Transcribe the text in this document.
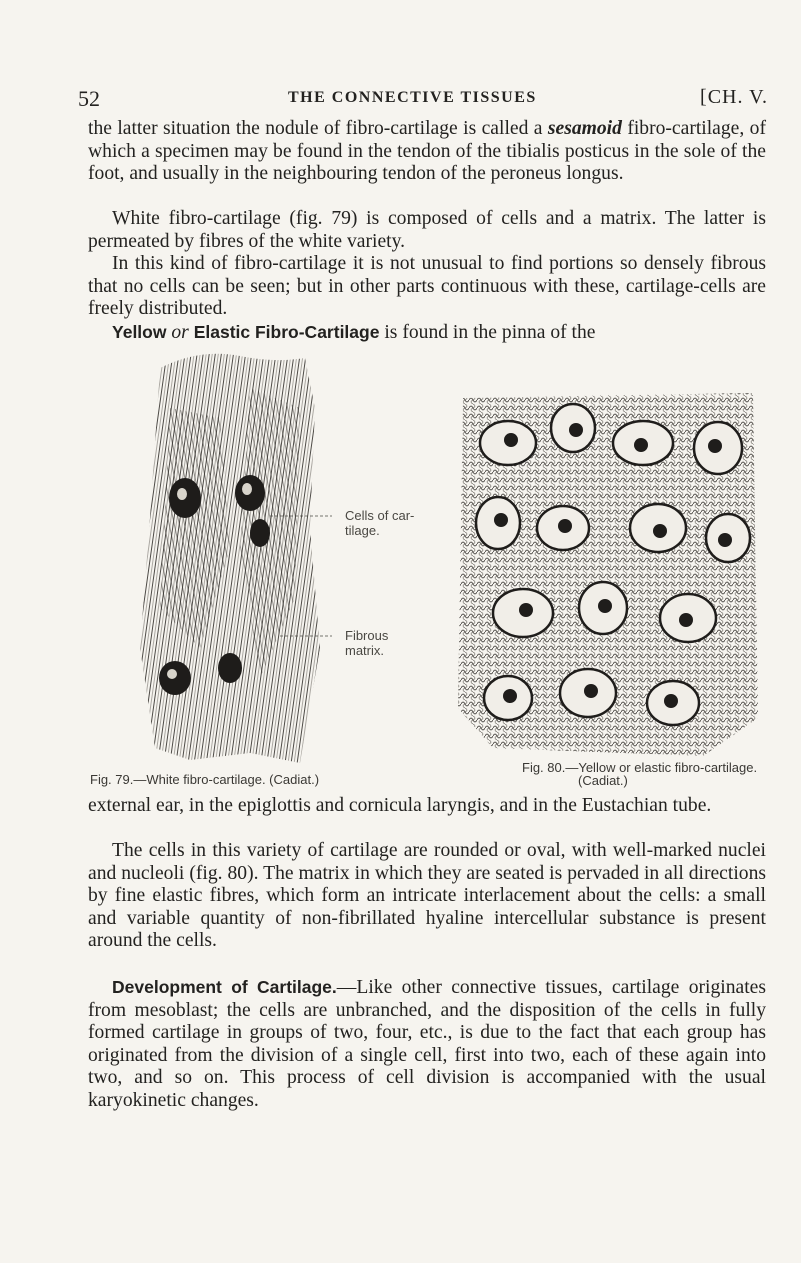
52	THE CONNECTIVE TISSUES	[CH. V.
the latter situation the nodule of fibro-cartilage is called a sesamoid fibro-cartilage, of which a specimen may be found in the tendon of the tibialis posticus in the sole of the foot, and usually in the neighbouring tendon of the peroneus longus.
White fibro-cartilage (fig. 79) is composed of cells and a matrix. The latter is permeated by fibres of the white variety.
In this kind of fibro-cartilage it is not unusual to find portions so densely fibrous that no cells can be seen; but in other parts continuous with these, cartilage-cells are freely distributed.
Yellow or Elastic Fibro-Cartilage is found in the pinna of the
Cells of car-
tilage.
Fibrous
matrix.
Fig. 79.—White fibro-cartilage. (Cadiat.)
Fig. 80.—Yellow or elastic fibro-cartilage.
(Cadiat.)
external ear, in the epiglottis and cornicula laryngis, and in the Eustachian tube.
The cells in this variety of cartilage are rounded or oval, with well-marked nuclei and nucleoli (fig. 80). The matrix in which they are seated is pervaded in all directions by fine elastic fibres, which form an intricate interlacement about the cells: a small and variable quantity of non-fibrillated hyaline intercellular substance is present around the cells.
Development of Cartilage.—Like other connective tissues, cartilage originates from mesoblast; the cells are unbranched, and the disposition of the cells in fully formed cartilage in groups of two, four, etc., is due to the fact that each group has originated from the division of a single cell, first into two, each of these again into two, and so on. This process of cell division is accompanied with the usual karyokinetic changes.
